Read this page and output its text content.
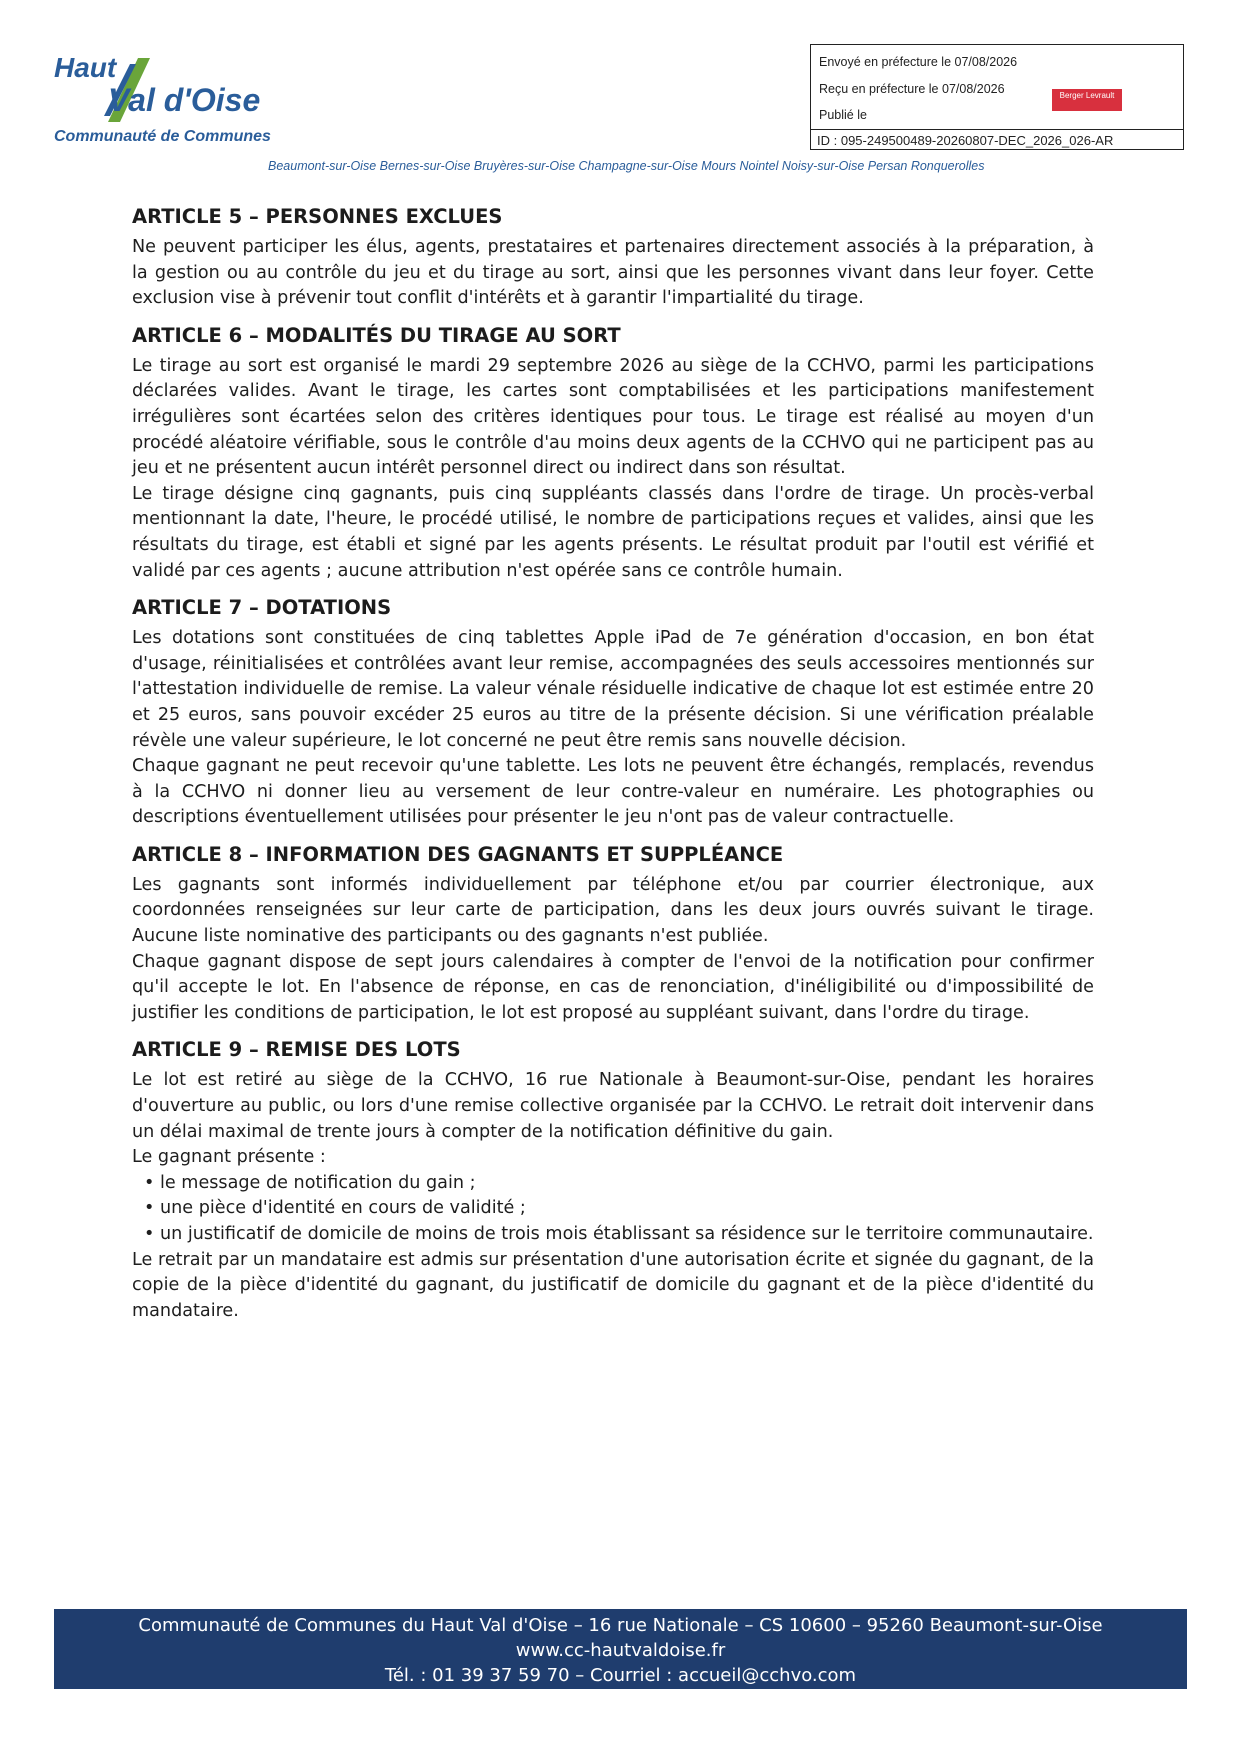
Haut
Val d'Oise
Communauté de Communes
Envoyé en préfecture le 07/08/2026
Reçu en préfecture le 07/08/2026
Publié le
Berger Levrault
ID : 095-249500489-20260807-DEC_2026_026-AR
Beaumont-sur-Oise Bernes-sur-Oise Bruyères-sur-Oise Champagne-sur-Oise Mours Nointel Noisy-sur-Oise Persan Ronquerolles
ARTICLE 5 – PERSONNES EXCLUES

Ne peuvent participer les élus, agents, prestataires et partenaires directement associés à la préparation, à la gestion ou au contrôle du jeu et du tirage au sort, ainsi que les personnes vivant dans leur foyer. Cette exclusion vise à prévenir tout conflit d'intérêts et à garantir l'impartialité du tirage.

ARTICLE 6 – MODALITÉS DU TIRAGE AU SORT

Le tirage au sort est organisé le mardi 29 septembre 2026 au siège de la CCHVO, parmi les participations déclarées valides. Avant le tirage, les cartes sont comptabilisées et les participations manifestement irrégulières sont écartées selon des critères identiques pour tous. Le tirage est réalisé au moyen d'un procédé aléatoire vérifiable, sous le contrôle d'au moins deux agents de la CCHVO qui ne participent pas au jeu et ne présentent aucun intérêt personnel direct ou indirect dans son résultat.

Le tirage désigne cinq gagnants, puis cinq suppléants classés dans l'ordre de tirage. Un procès-verbal mentionnant la date, l'heure, le procédé utilisé, le nombre de participations reçues et valides, ainsi que les résultats du tirage, est établi et signé par les agents présents. Le résultat produit par l'outil est vérifié et validé par ces agents ; aucune attribution n'est opérée sans ce contrôle humain.

ARTICLE 7 – DOTATIONS

Les dotations sont constituées de cinq tablettes Apple iPad de 7e génération d'occasion, en bon état d'usage, réinitialisées et contrôlées avant leur remise, accompagnées des seuls accessoires mentionnés sur l'attestation individuelle de remise. La valeur vénale résiduelle indicative de chaque lot est estimée entre 20 et 25 euros, sans pouvoir excéder 25 euros au titre de la présente décision. Si une vérification préalable révèle une valeur supérieure, le lot concerné ne peut être remis sans nouvelle décision.

Chaque gagnant ne peut recevoir qu'une tablette. Les lots ne peuvent être échangés, remplacés, revendus à la CCHVO ni donner lieu au versement de leur contre-valeur en numéraire. Les photographies ou descriptions éventuellement utilisées pour présenter le jeu n'ont pas de valeur contractuelle.

ARTICLE 8 – INFORMATION DES GAGNANTS ET SUPPLÉANCE

Les gagnants sont informés individuellement par téléphone et/ou par courrier électronique, aux coordonnées renseignées sur leur carte de participation, dans les deux jours ouvrés suivant le tirage. Aucune liste nominative des participants ou des gagnants n'est publiée.

Chaque gagnant dispose de sept jours calendaires à compter de l'envoi de la notification pour confirmer qu'il accepte le lot. En l'absence de réponse, en cas de renonciation, d'inéligibilité ou d'impossibilité de justifier les conditions de participation, le lot est proposé au suppléant suivant, dans l'ordre du tirage.

ARTICLE 9 – REMISE DES LOTS

Le lot est retiré au siège de la CCHVO, 16 rue Nationale à Beaumont-sur-Oise, pendant les horaires d'ouverture au public, ou lors d'une remise collective organisée par la CCHVO. Le retrait doit intervenir dans un délai maximal de trente jours à compter de la notification définitive du gain.

Le gagnant présente :

• le message de notification du gain ;
• une pièce d'identité en cours de validité ;
• un justificatif de domicile de moins de trois mois établissant sa résidence sur le territoire communautaire.

Le retrait par un mandataire est admis sur présentation d'une autorisation écrite et signée du gagnant, de la copie de la pièce d'identité du gagnant, du justificatif de domicile du gagnant et de la pièce d'identité du mandataire.

Communauté de Communes du Haut Val d'Oise – 16 rue Nationale – CS 10600 – 95260 Beaumont-sur-Oise
www.cc-hautvaldoise.fr
Tél. : 01 39 37 59 70 – Courriel : accueil@cchvo.com
